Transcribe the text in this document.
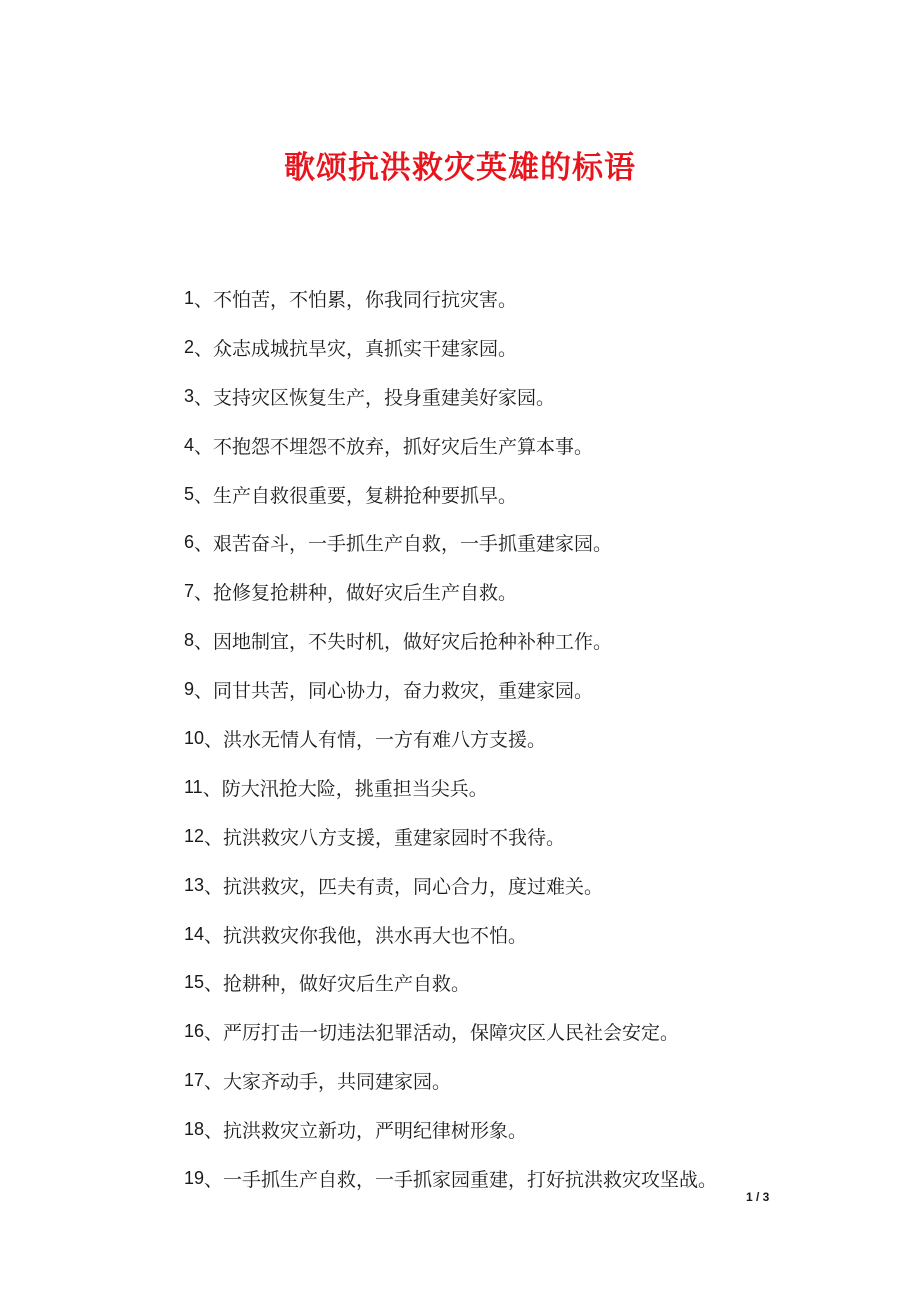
歌颂抗洪救灾英雄的标语
1 、不怕苦，不怕累，你我同行抗灾害。
2 、众志成城抗旱灾，真抓实干建家园。
3 、支持灾区恢复生产，投身重建美好家园。
4 、不抱怨不埋怨不放弃，抓好灾后生产算本事。
5 、生产自救很重要，复耕抢种要抓早。
6 、艰苦奋斗，一手抓生产自救，一手抓重建家园。
7 、抢修复抢耕种，做好灾后生产自救。
8 、因地制宜，不失时机，做好灾后抢种补种工作。
9 、同甘共苦，同心协力，奋力救灾，重建家园。
10 、洪水无情人有情，一方有难八方支援。
11 、防大汛抢大险，挑重担当尖兵。
12 、抗洪救灾八方支援，重建家园时不我待。
13 、抗洪救灾，匹夫有责，同心合力，度过难关。
14 、抗洪救灾你我他，洪水再大也不怕。
15 、抢耕种，做好灾后生产自救。
16 、严厉打击一切违法犯罪活动，保障灾区人民社会安定。
17 、大家齐动手，共同建家园。
18 、抗洪救灾立新功，严明纪律树形象。
19 、一手抓生产自救，一手抓家园重建，打好抗洪救灾攻坚战。
1 / 3
